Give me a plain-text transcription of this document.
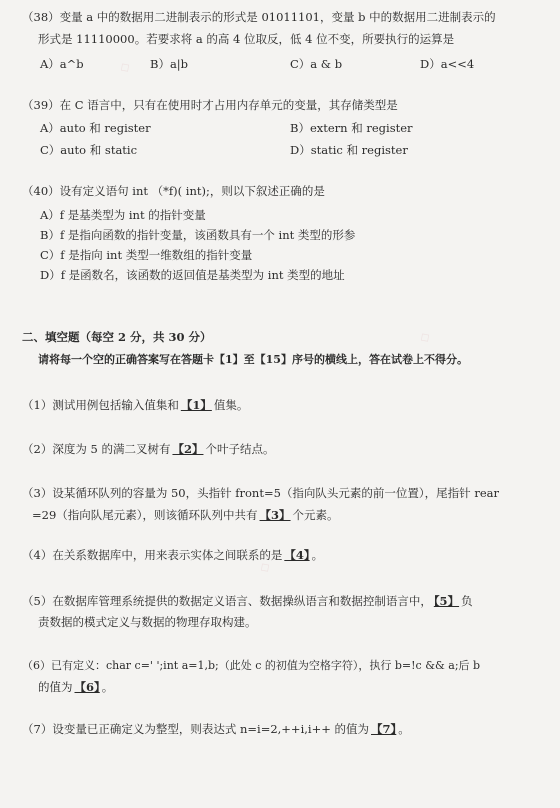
◇
◇
◇
（38）变量 a 中的数据用二进制表示的形式是 01011101，变量 b 中的数据用二进制表示的
形式是 11110000。若要求将 a 的高 4 位取反，低 4 位不变，所要执行的运算是
A）a^b	B）a|b	C）a & b	D）a<<4
（39）在 C 语言中，只有在使用时才占用内存单元的变量，其存储类型是
A）auto 和 register	B）extern 和 register
C）auto 和 static	D）static 和 register
（40）设有定义语句 int （*f)( int);，则以下叙述正确的是
A）f 是基类型为 int 的指针变量
B）f 是指向函数的指针变量，该函数具有一个 int 类型的形参
C）f 是指向 int 类型一维数组的指针变量
D）f 是函数名，该函数的返回值是基类型为 int 类型的地址
二、填空题（每空 2 分，共 30 分）
请将每一个空的正确答案写在答题卡【1】至【15】序号的横线上，答在试卷上不得分。
（1）测试用例包括输入值集和 【1】 值集。
（2）深度为 5 的满二叉树有 【2】 个叶子结点。
（3）设某循环队列的容量为 50，头指针 front=5（指向队头元素的前一位置），尾指针 rear
=29（指向队尾元素），则该循环队列中共有 【3】 个元素。
（4）在关系数据库中，用来表示实体之间联系的是 【4】 。
（5）在数据库管理系统提供的数据定义语言、数据操纵语言和数据控制语言中， 【5】 负
责数据的模式定义与数据的物理存取构建。
（6）已有定义：char c=' ';int a=1,b;（此处 c 的初值为空格字符），执行 b=!c && a;后 b
的值为 【6】 。
（7）设变量已正确定义为整型，则表达式 n=i=2,++i,i++ 的值为 【7】 。
